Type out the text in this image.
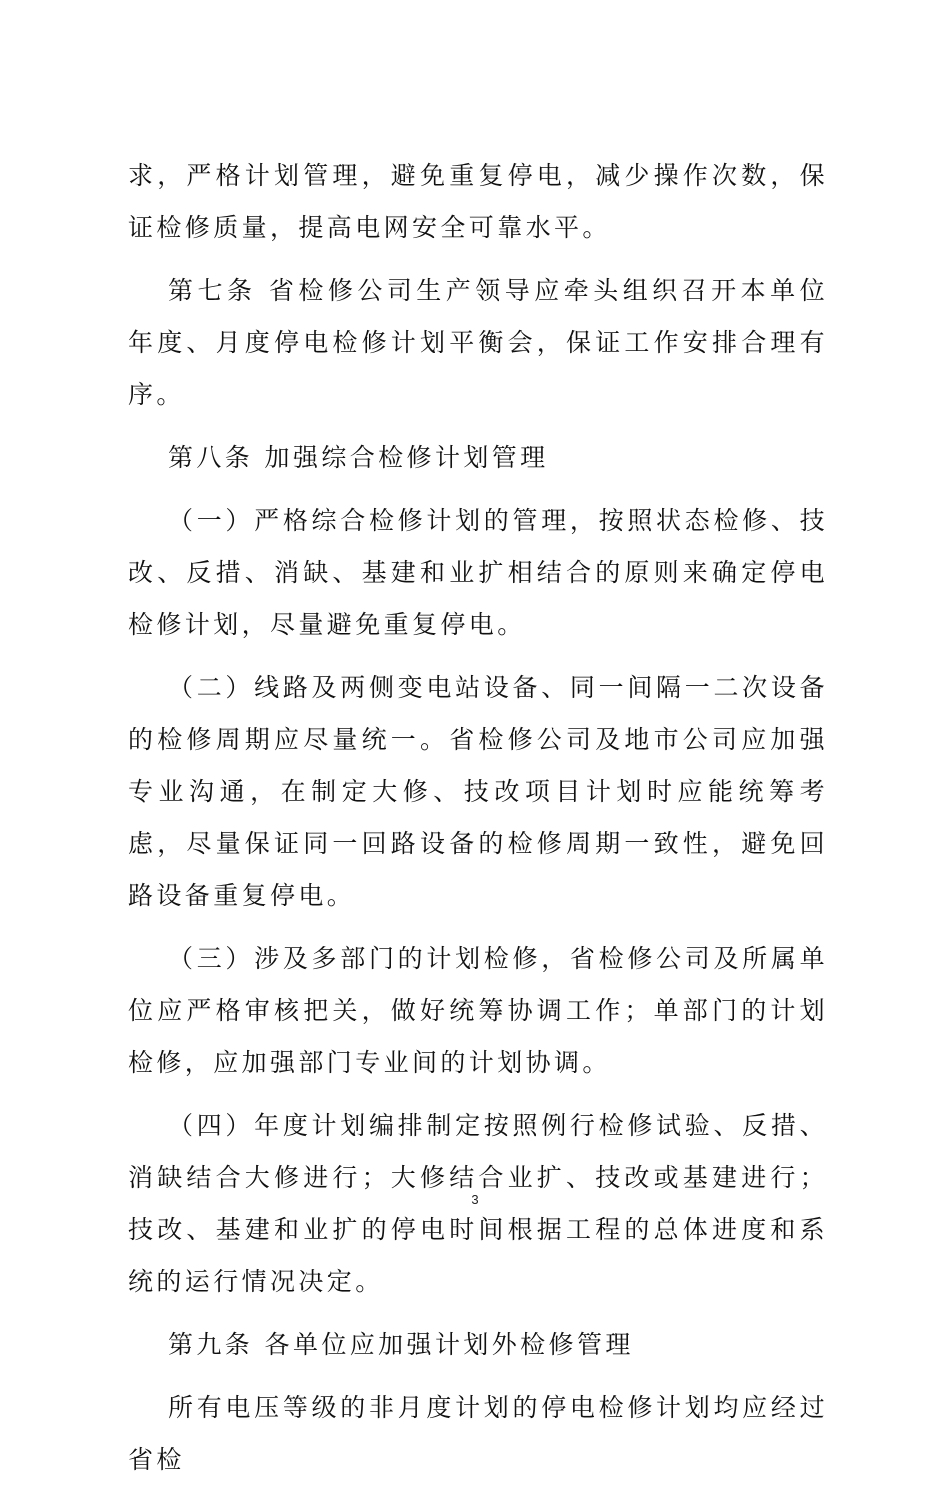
求，严格计划管理，避免重复停电，减少操作次数，保证检修质量，提高电网安全可靠水平。

第七条 省检修公司生产领导应牵头组织召开本单位年度、月度停电检修计划平衡会，保证工作安排合理有序。

第八条 加强综合检修计划管理

（一）严格综合检修计划的管理，按照状态检修、技改、反措、消缺、基建和业扩相结合的原则来确定停电检修计划，尽量避免重复停电。

（二）线路及两侧变电站设备、同一间隔一二次设备的检修周期应尽量统一。省检修公司及地市公司应加强专业沟通，在制定大修、技改项目计划时应能统筹考虑，尽量保证同一回路设备的检修周期一致性，避免回路设备重复停电。

（三）涉及多部门的计划检修，省检修公司及所属单位应严格审核把关，做好统筹协调工作；单部门的计划检修，应加强部门专业间的计划协调。

（四）年度计划编排制定按照例行检修试验、反措、消缺结合大修进行；大修结合业扩、技改或基建进行；技改、基建和业扩的停电时间根据工程的总体进度和系统的运行情况决定。

第九条 各单位应加强计划外检修管理

所有电压等级的非月度计划的停电检修计划均应经过省检

3
